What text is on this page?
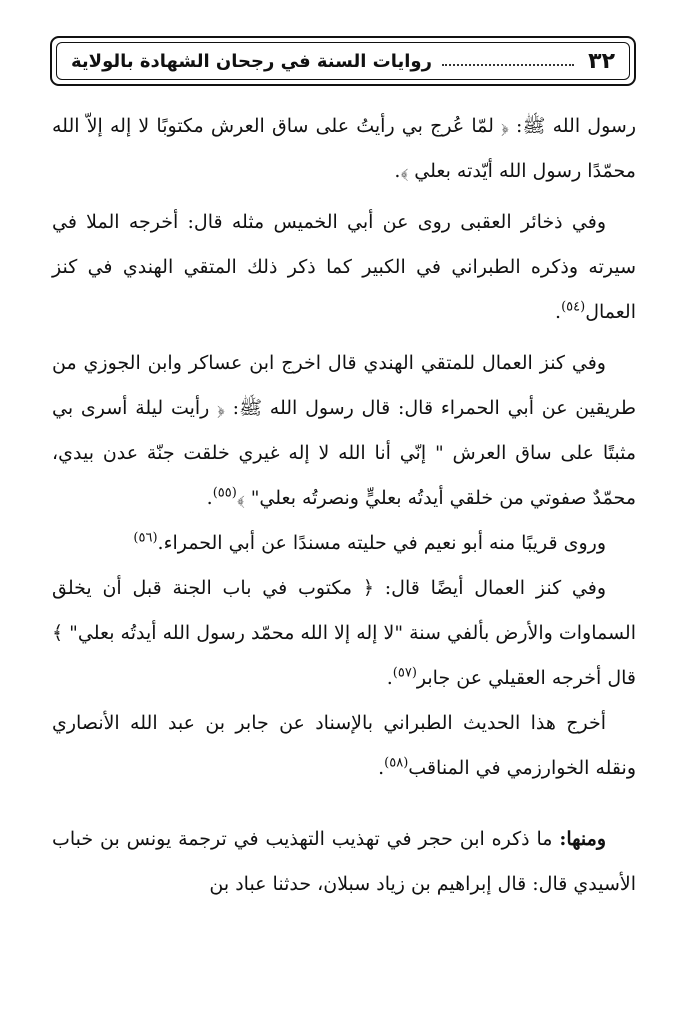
٣٢
روايات السنة في رجحان الشهادة بالولاية

رسول الله ﷺ: ﴿ لمّا عُرج بي رأيتُ على ساق العرش مكتوبًا لا إله إلاّ الله محمّدًا رسول الله أيّدته بعلي ﴾.

وفي ذخائر العقبى روى عن أبي الخميس مثله قال: أخرجه الملا في سيرته وذكره الطبراني في الكبير كما ذكر ذلك المتقي الهندي في كنز العمال$^{(٥٤)}$.

وفي كنز العمال للمتقي الهندي قال اخرج ابن عساكر وابن الجوزي من طريقين عن أبي الحمراء قال: قال رسول الله ﷺ: ﴿ رأيت ليلة أسرى بي مثبتًا على ساق العرش " إنّي أنا الله لا إله غيري خلقت جنّة عدن بيدي، محمّدٌ صفوتي من خلقي أيدتُه بعليٍّ ونصرتُه بعلي" ﴾$^{(٥٥)}$.

وروى قريبًا منه أبو نعيم في حليته مسندًا عن أبي الحمراء.$^{(٥٦)}$

وفي كنز العمال أيضًا قال: ﴿ مكتوب في باب الجنة قبل أن يخلق السماوات والأرض بألفي سنة "لا إله إلا الله محمّد رسول الله أيدتُه بعلي" ﴾ قال أخرجه العقيلي عن جابر$^{(٥٧)}$.

أخرج هذا الحديث الطبراني بالإسناد عن جابر بن عبد الله الأنصاري ونقله الخوارزمي في المناقب$^{(٥٨)}$.

ومنها: ما ذكره ابن حجر في تهذيب التهذيب في ترجمة يونس بن خباب الأسيدي قال: قال إبراهيم بن زياد سبلان، حدثنا عباد بن
